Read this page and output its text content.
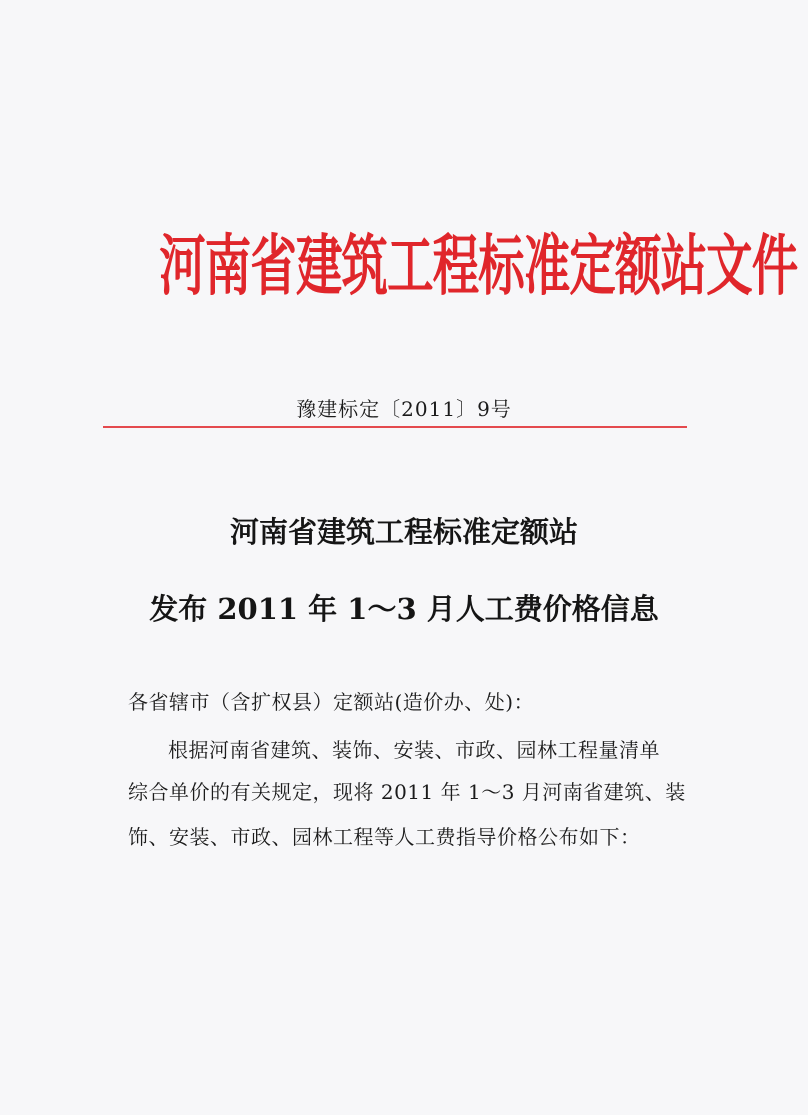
河南省建筑工程标准定额站文件
豫建标定〔2011〕9号
河南省建筑工程标准定额站
发布 2011 年 1～3 月人工费价格信息
各省辖市（含扩权县）定额站(造价办、处)：
根据河南省建筑、装饰、安装、市政、园林工程量清单
综合单价的有关规定，现将 2011 年 1～3 月河南省建筑、装
饰、安装、市政、园林工程等人工费指导价格公布如下：
